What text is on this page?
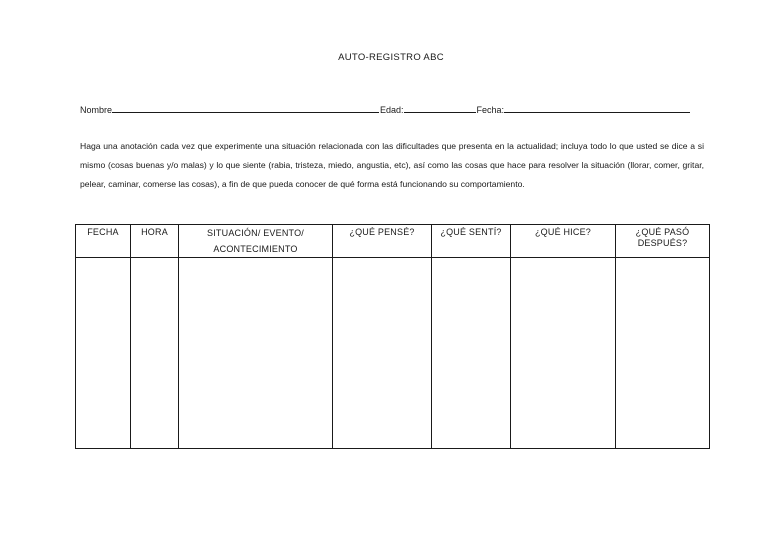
AUTO-REGISTRO ABC
Nombre	Edad:	Fecha:

Haga una anotación cada vez que experimente una situación relacionada con las dificultades que presenta en la actualidad; incluya todo lo que usted se dice a si mismo (cosas buenas y/o malas) y lo que siente (rabia, tristeza, miedo, angustia, etc), así como las cosas que hace para resolver la situación (llorar, comer, gritar, pelear, caminar, comerse las cosas), a fin de que pueda conocer de qué forma está funcionando su comportamiento.

FECHA	HORA	SITUACIÓN/ EVENTO/ ACONTECIMIENTO	¿QUÉ PENSÉ?	¿QUÉ SENTÍ?	¿QUÉ HICE?	¿QUÉ PASÓ DESPUÉS?
